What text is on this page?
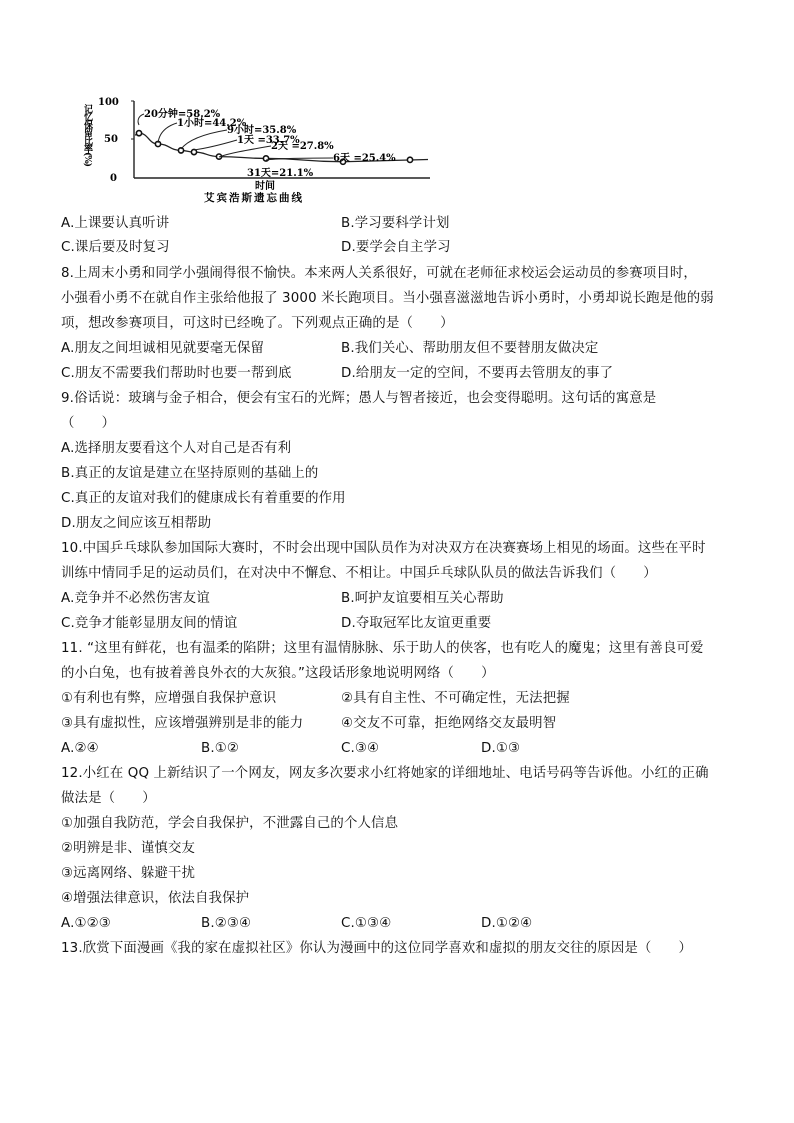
100
50
0
记忆保留比率(%)
时间
艾宾浩斯遗忘曲线
20分钟=58.2%
1小时=44.2%
9小时=35.8%
1天 =33.7%
2天 =27.8%
6天 =25.4%
31天=21.1%
A.上课要认真听讲	B.学习要科学计划
C.课后要及时复习	D.要学会自主学习
8.上周末小勇和同学小强闹得很不愉快。本来两人关系很好，可就在老师征求校运会运动员的参赛项目时，
小强看小勇不在就自作主张给他报了 3000 米长跑项目。当小强喜滋滋地告诉小勇时，小勇却说长跑是他的弱
项，想改参赛项目，可这时已经晚了。下列观点正确的是（　　）
A.朋友之间坦诚相见就要毫无保留	B.我们关心、帮助朋友但不要替朋友做决定
C.朋友不需要我们帮助时也要一帮到底	D.给朋友一定的空间，不要再去管朋友的事了
9.俗话说：玻璃与金子相合，便会有宝石的光辉；愚人与智者接近，也会变得聪明。这句话的寓意是
（　　）
A.选择朋友要看这个人对自己是否有利
B.真正的友谊是建立在坚持原则的基础上的
C.真正的友谊对我们的健康成长有着重要的作用
D.朋友之间应该互相帮助
10.中国乒乓球队参加国际大赛时，不时会出现中国队员作为对决双方在决赛赛场上相见的场面。这些在平时
训练中情同手足的运动员们，在对决中不懈怠、不相让。中国乒乓球队队员的做法告诉我们（　　）
A.竞争并不必然伤害友谊	B.呵护友谊要相互关心帮助
C.竞争才能彰显朋友间的情谊	D.夺取冠军比友谊更重要
11. “这里有鲜花，也有温柔的陷阱；这里有温情脉脉、乐于助人的侠客，也有吃人的魔鬼；这里有善良可爱
的小白兔，也有披着善良外衣的大灰狼。”这段话形象地说明网络（　　）
①有利也有弊，应增强自我保护意识	②具有自主性、不可确定性，无法把握
③具有虚拟性，应该增强辨别是非的能力	④交友不可靠，拒绝网络交友最明智
A.②④	B.①②	C.③④	D.①③
12.小红在 QQ 上新结识了一个网友，网友多次要求小红将她家的详细地址、电话号码等告诉他。小红的正确
做法是（　　）
①加强自我防范，学会自我保护，不泄露自己的个人信息
②明辨是非、谨慎交友
③远离网络、躲避干扰
④增强法律意识，依法自我保护
A.①②③	B.②③④	C.①③④	D.①②④
13.欣赏下面漫画《我的家在虚拟社区》你认为漫画中的这位同学喜欢和虚拟的朋友交往的原因是（　　）
